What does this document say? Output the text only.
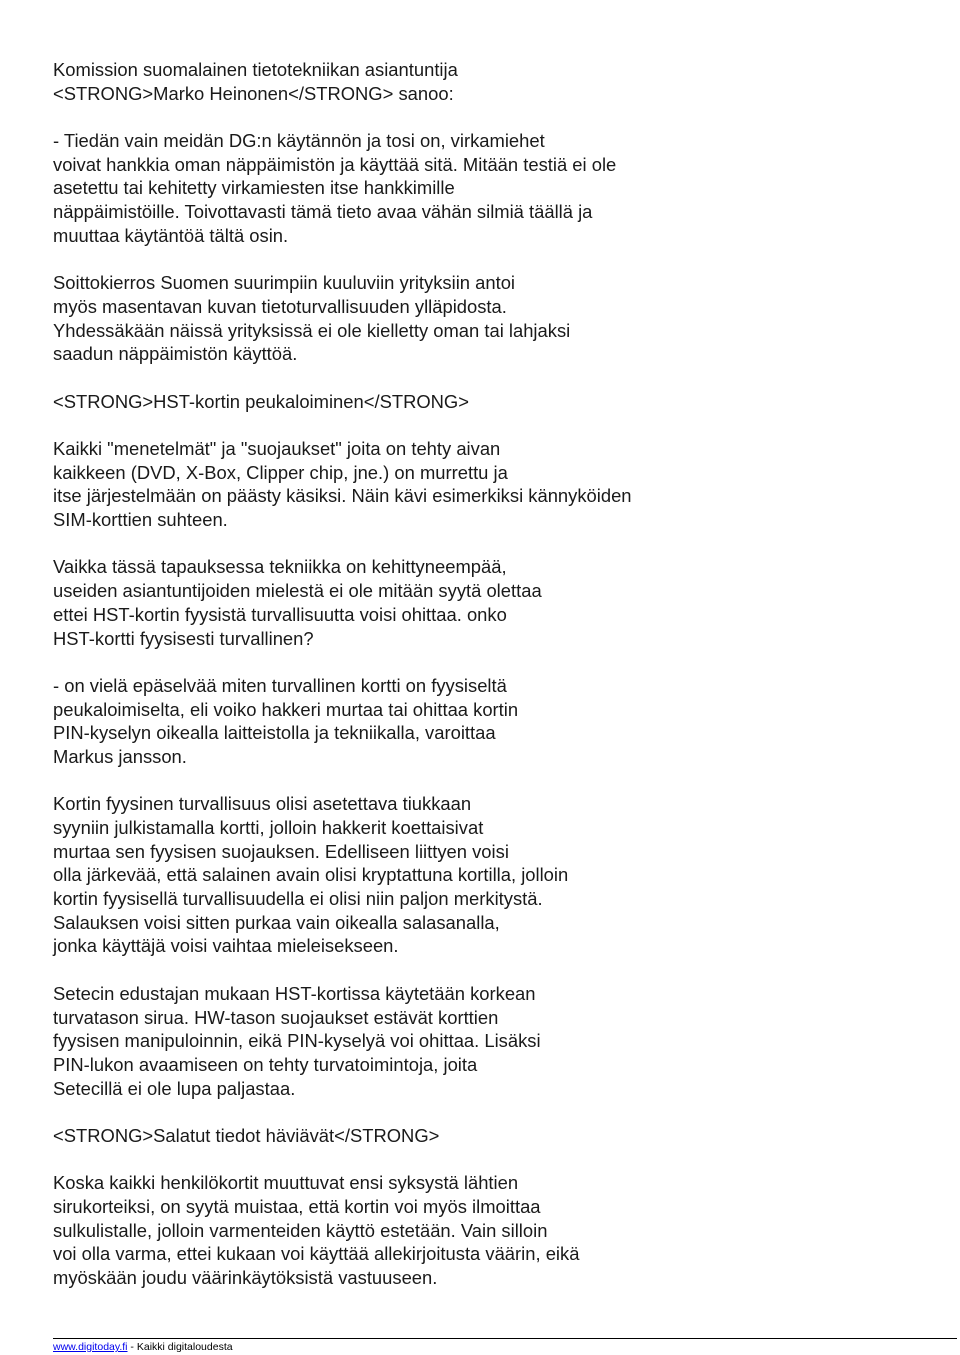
Komission suomalainen tietotekniikan asiantuntija
<STRONG>Marko Heinonen</STRONG> sanoo:

- Tiedän vain meidän DG:n käytännön ja tosi on, virkamiehet
voivat hankkia oman näppäimistön ja käyttää sitä. Mitään testiä ei ole
asetettu tai kehitetty virkamiesten itse hankkimille
näppäimistöille. Toivottavasti tämä tieto avaa vähän silmiä täällä ja
muuttaa käytäntöä tältä osin.

Soittokierros Suomen suurimpiin kuuluviin yrityksiin antoi
myös masentavan kuvan tietoturvallisuuden ylläpidosta.
Yhdessäkään näissä yrityksissä ei ole kielletty oman tai lahjaksi
saadun näppäimistön käyttöä.

<STRONG>HST-kortin peukaloiminen</STRONG>

Kaikki "menetelmät" ja "suojaukset" joita on tehty aivan
kaikkeen (DVD, X-Box, Clipper chip, jne.) on murrettu ja
itse järjestelmään on päästy käsiksi. Näin kävi esimerkiksi kännyköiden
SIM-korttien suhteen.

Vaikka tässä tapauksessa tekniikka on kehittyneempää,
useiden asiantuntijoiden mielestä ei ole mitään syytä olettaa
ettei HST-kortin fyysistä turvallisuutta voisi ohittaa. onko
HST-kortti fyysisesti turvallinen?

- on vielä epäselvää miten turvallinen kortti on fyysiseltä
peukaloimiselta, eli voiko hakkeri murtaa tai ohittaa kortin
PIN-kyselyn oikealla laitteistolla ja tekniikalla, varoittaa
Markus jansson.

Kortin fyysinen turvallisuus olisi asetettava tiukkaan
syyniin julkistamalla kortti, jolloin hakkerit koettaisivat
murtaa sen fyysisen suojauksen. Edelliseen liittyen voisi
olla järkevää, että salainen avain olisi kryptattuna kortilla, jolloin
kortin fyysisellä turvallisuudella ei olisi niin paljon merkitystä.
Salauksen voisi sitten purkaa vain oikealla salasanalla,
jonka käyttäjä voisi vaihtaa mieleisekseen.

Setecin edustajan mukaan HST-kortissa käytetään korkean
turvatason sirua. HW-tason suojaukset estävät korttien
fyysisen manipuloinnin, eikä PIN-kyselyä voi ohittaa. Lisäksi
PIN-lukon avaamiseen on tehty turvatoimintoja, joita
Setecillä ei ole lupa paljastaa.

<STRONG>Salatut tiedot häviävät</STRONG>

Koska kaikki henkilökortit muuttuvat ensi syksystä lähtien
sirukorteiksi, on syytä muistaa, että kortin voi myös ilmoittaa
sulkulistalle, jolloin varmenteiden käyttö estetään. Vain silloin
voi olla varma, ettei kukaan voi käyttää allekirjoitusta väärin, eikä
myöskään joudu väärinkäytöksistä vastuuseen.

www.digitoday.fi - Kaikki digitaloudesta
